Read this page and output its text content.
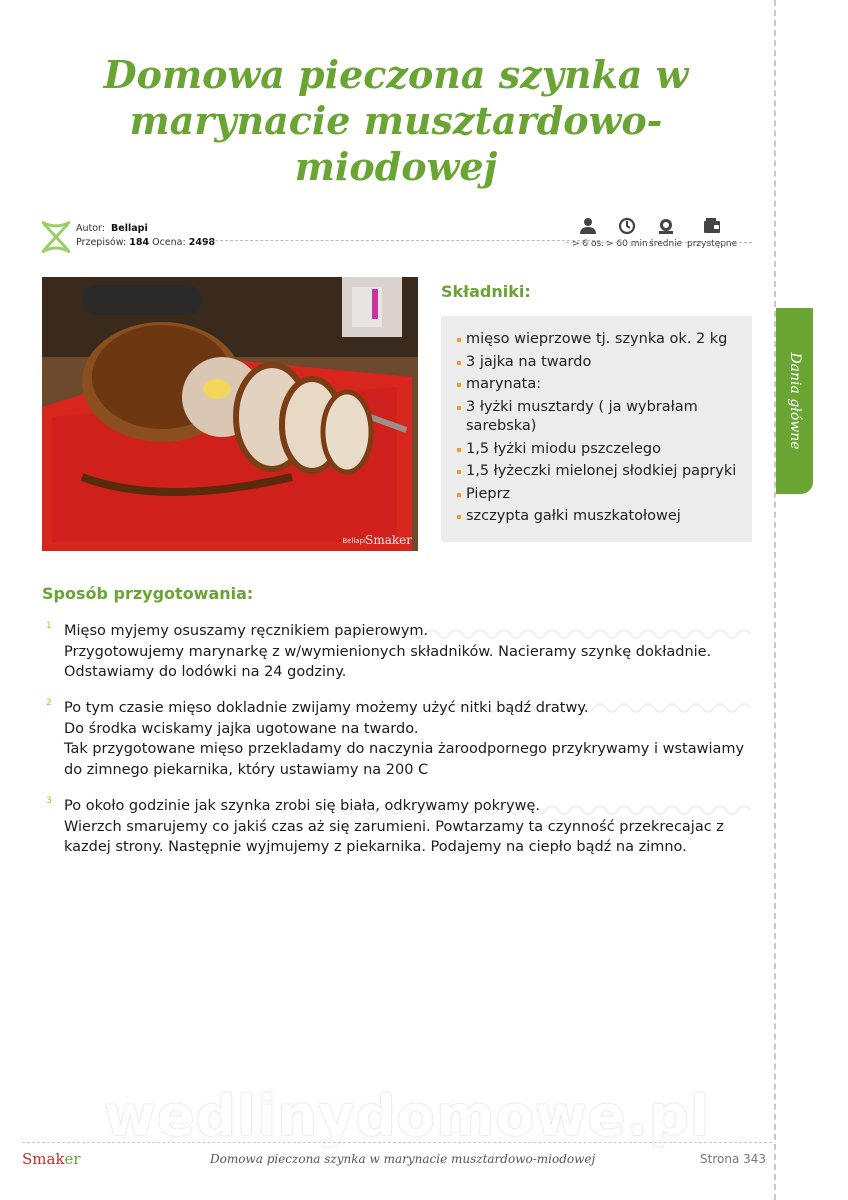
Domowa pieczona szynka w marynacie musztardowo-miodowej
Autor: Bellapi
Przepisów: 184 Ocena: 2498	> 6 os. > 60 min średnie przystępne
Bellapi Smaker
Składniki:
mięso wieprzowe tj. szynka ok. 2 kg
3 jajka na twardo
marynata:
3 łyżki musztardy ( ja wybrałam sarebska)
1,5 łyżki miodu pszczelego
1,5 łyżeczki mielonej słodkiej papryki
Pieprz
szczypta gałki muszkatołowej
Sposób przygotowania:
1 Mięso myjemy osuszamy ręcznikiem papierowym.
Przygotowujemy marynarkę z w/wymienionych składników. Nacieramy szynkę dokładnie.
Odstawiamy do lodówki na 24 godziny.

2 Po tym czasie mięso dokladnie zwijamy możemy użyć nitki bądź dratwy.
Do środka wciskamy jajka ugotowane na twardo.
Tak przygotowane mięso przekladamy do naczynia żaroodpornego przykrywamy i wstawiamy do zimnego piekarnika, który ustawiamy na 200 C

3 Po około godzinie jak szynka zrobi się biała, odkrywamy pokrywę.
Wierzch smarujemy co jakiś czas aż się zarumieni. Powtarzamy ta czynność przekrecajac z kazdej strony. Następnie wyjmujemy z piekarnika. Podajemy na ciepło bądź na zimno.

Dania główne
wedlinydomowe.pl
Smaker	Domowa pieczona szynka w marynacie musztardowo-miodowej	Strona 343
